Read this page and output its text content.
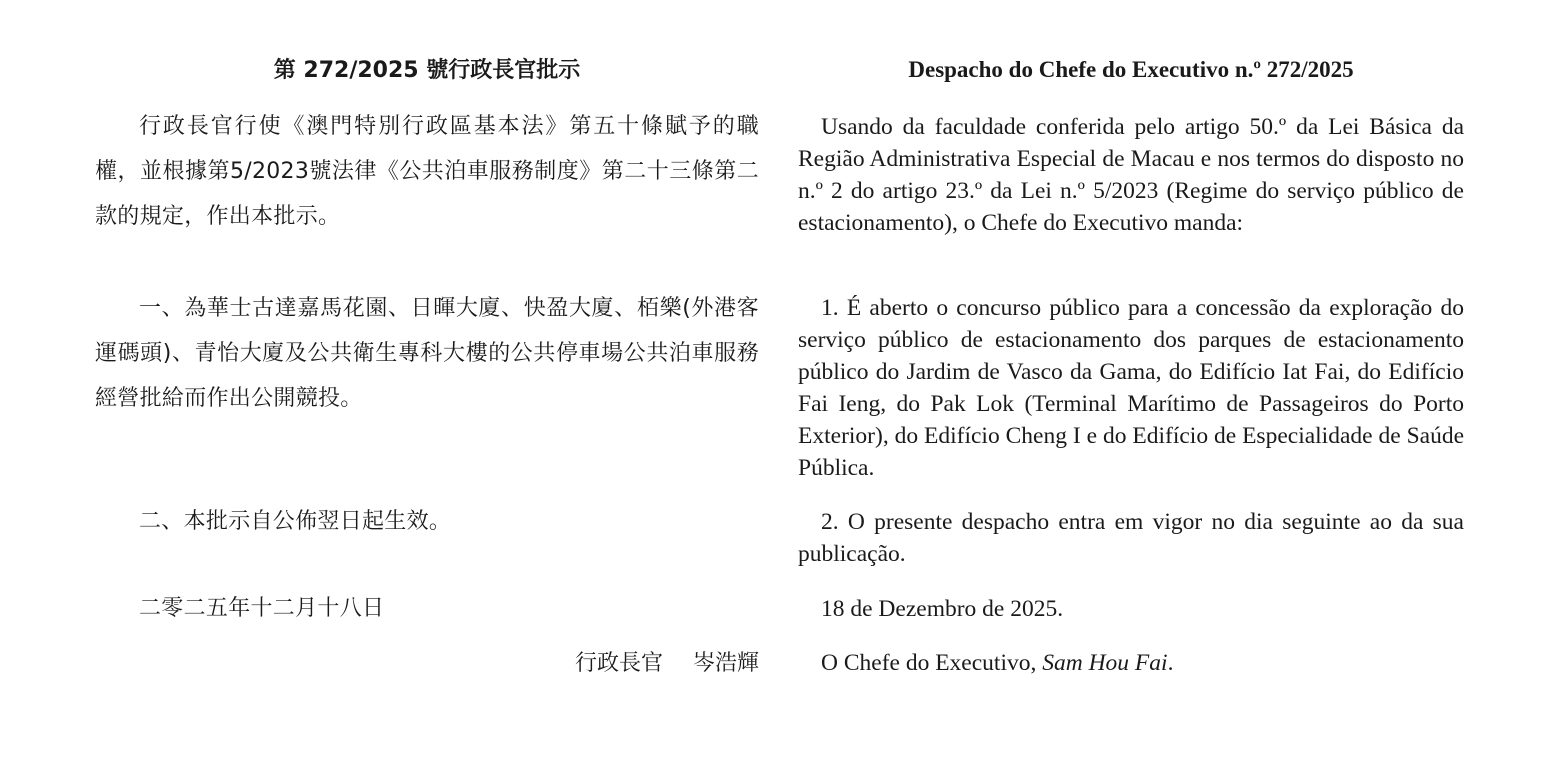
第 272/2025 號行政長官批示

行政長官行使《澳門特別行政區基本法》第五十條賦予的職權，並根據第5/2023號法律《公共泊車服務制度》第二十三條第二款的規定，作出本批示。

一、為華士古達嘉馬花園、日暉大廈、快盈大廈、栢樂(外港客運碼頭)、青怡大廈及公共衛生專科大樓的公共停車場公共泊車服務經營批給而作出公開競投。

二、本批示自公佈翌日起生效。

二零二五年十二月十八日

行政長官 岑浩輝
Despacho do Chefe do Executivo n.º 272/2025

Usando da faculdade conferida pelo artigo 50.º da Lei Básica da Região Administrativa Especial de Macau e nos termos do disposto no n.º 2 do artigo 23.º da Lei n.º 5/2023 (Regime do serviço público de estacionamento), o Chefe do Executivo manda:

1. É aberto o concurso público para a concessão da exploração do serviço público de estacionamento dos parques de estacionamento público do Jardim de Vasco da Gama, do Edifício Iat Fai, do Edifício Fai Ieng, do Pak Lok (Terminal Marítimo de Passageiros do Porto Exterior), do Edifício Cheng I e do Edifício de Especialidade de Saúde Pública.

2. O presente despacho entra em vigor no dia seguinte ao da sua publicação.

18 de Dezembro de 2025.

O Chefe do Executivo, Sam Hou Fai.
